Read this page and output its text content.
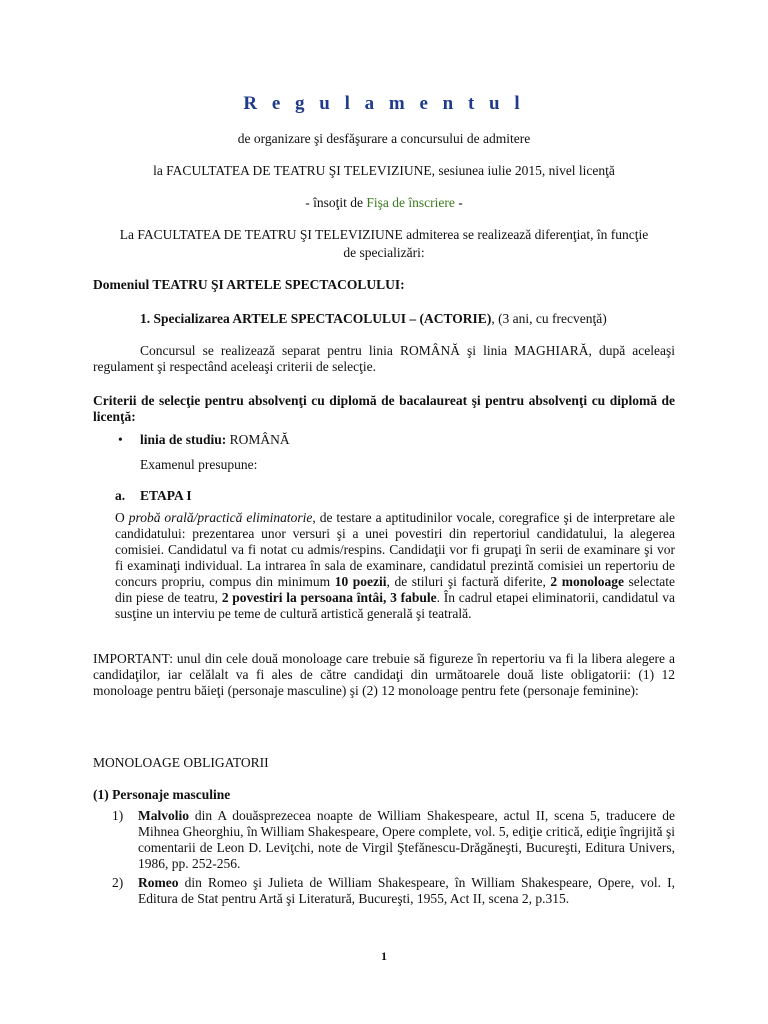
R e g u l a m e n t u l
de organizare şi desfăşurare a concursului de admitere
la FACULTATEA DE TEATRU ŞI TELEVIZIUNE, sesiunea iulie 2015, nivel licenţă
- însoţit de Fişa de înscriere -
La FACULTATEA DE TEATRU ŞI TELEVIZIUNE admiterea se realizează diferenţiat, în funcţie
de specializări:
Domeniul TEATRU ŞI ARTELE SPECTACOLULUI:
1. Specializarea ARTELE SPECTACOLULUI – (ACTORIE), (3 ani, cu frecvenţă)
Concursul se realizează separat pentru linia ROMÂNĂ şi linia MAGHIARĂ, după aceleaşi regulament şi respectând aceleaşi criterii de selecţie.
Criterii de selecţie pentru absolvenţi cu diplomă de bacalaureat şi pentru absolvenţi cu diplomă de licenţă:
• linia de studiu: ROMÂNĂ
Examenul presupune:
a. ETAPA I
O probă orală/practică eliminatorie, de testare a aptitudinilor vocale, coregrafice şi de interpretare ale candidatului: prezentarea unor versuri şi a unei povestiri din repertoriul candidatului, la alegerea comisiei. Candidatul va fi notat cu admis/respins. Candidaţii vor fi grupaţi în serii de examinare şi vor fi examinaţi individual. La intrarea în sala de examinare, candidatul prezintă comisiei un repertoriu de concurs propriu, compus din minimum 10 poezii, de stiluri şi factură diferite, 2 monoloage selectate din piese de teatru, 2 povestiri la persoana întâi, 3 fabule. În cadrul etapei eliminatorii, candidatul va susţine un interviu pe teme de cultură artistică generală şi teatrală.
IMPORTANT: unul din cele două monoloage care trebuie să figureze în repertoriu va fi la libera alegere a candidaţilor, iar celălalt va fi ales de către candidaţi din următoarele două liste obligatorii: (1) 12 monoloage pentru băieţi (personaje masculine) şi (2) 12 monoloage pentru fete (personaje feminine):
MONOLOAGE OBLIGATORII
(1) Personaje masculine
1) Malvolio din A douăsprezecea noapte de William Shakespeare, actul II, scena 5, traducere de Mihnea Gheorghiu, în William Shakespeare, Opere complete, vol. 5, ediţie critică, ediţie îngrijită şi comentarii de Leon D. Leviţchi, note de Virgil Ştefănescu-Drăgăneşti, Bucureşti, Editura Univers, 1986, pp. 252-256.
2) Romeo din Romeo şi Julieta de William Shakespeare, în William Shakespeare, Opere, vol. I, Editura de Stat pentru Artă şi Literatură, Bucureşti, 1955, Act II, scena 2, p.315.
1
